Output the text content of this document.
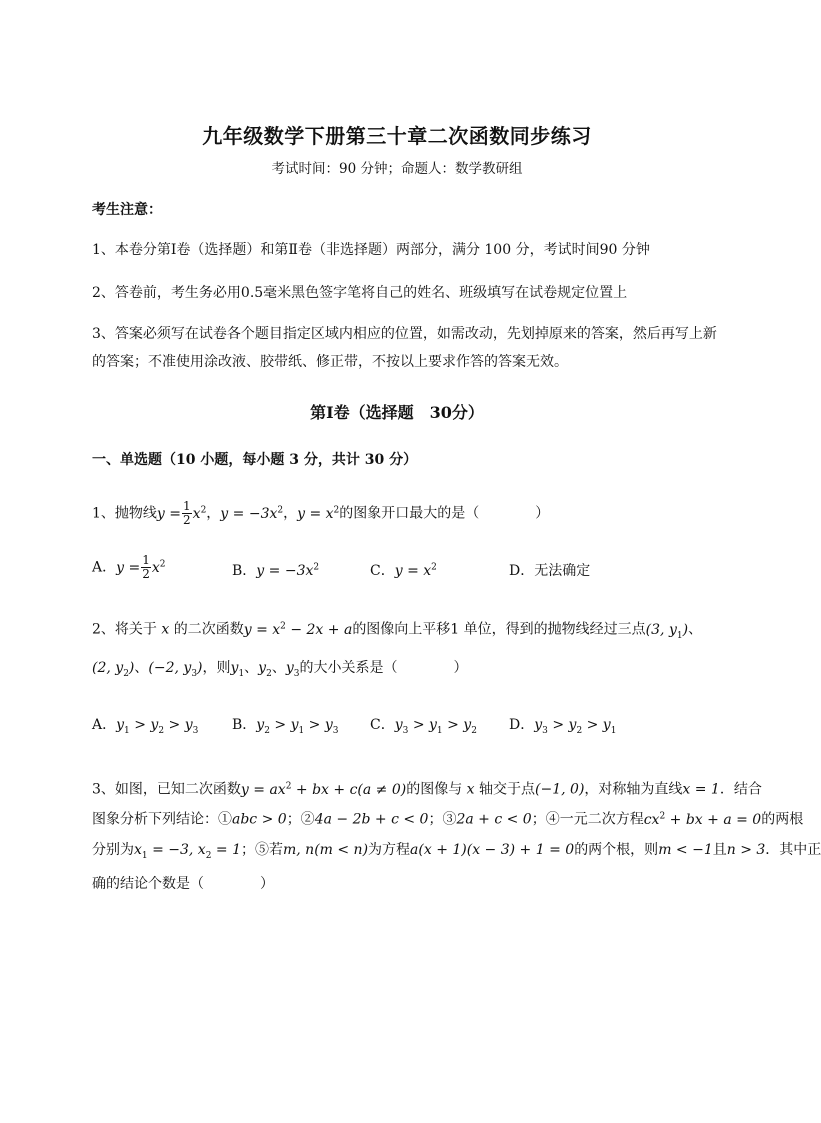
九年级数学下册第三十章二次函数同步练习
考试时间：90 分钟；命题人：数学教研组
考生注意：
1、本卷分第Ⅰ卷（选择题）和第Ⅱ卷（非选择题）两部分，满分 100 分，考试时间90 分钟
2、答卷前，考生务必用0.5毫米黑色签字笔将自己的姓名、班级填写在试卷规定位置上
3、答案必须写在试卷各个题目指定区域内相应的位置，如需改动，先划掉原来的答案，然后再写上新
的答案；不准使用涂改液、胶带纸、修正带，不按以上要求作答的答案无效。
第Ⅰ卷（选择题　30分）
一、单选题（10 小题，每小题 3 分，共计 30 分）
1、抛物线$y = \frac{1}{2} x^2$，$y = -3x^2$，$y = x^2$的图象开口最大的是（　　　　）
A．$y = \frac{1}{2} x^2$	B．$y = -3x^2$	C．$y = x^2$	D．无法确定
2、将关于 x 的二次函数$y = x^2 - 2x + a$的图像向上平移1 单位，得到的抛物线经过三点(3, $y_1$)、
(2, $y_2$)、(−2, $y_3$)，则$y_1$、$y_2$、$y_3$的大小关系是（　　　　）
A．$y_1 > y_2 > y_3$ B．$y_2 > y_1 > y_3$ C．$y_3 > y_1 > y_2$ D．$y_3 > y_2 > y_1$
3、如图，已知二次函数$y = ax^2$ + bx + c(a ≠ 0)的图像与 x 轴交于点(−1, 0)，对称轴为直线x = 1．结合
图象分析下列结论：①abc > 0；②4a − 2b + c < 0；③2a + c < 0；④一元二次方程$cx^2$ + bx + a = 0的两根
分别为$x_1 = -3$, $x_2 = 1$；⑤若m, n(m < n)为方程a(x + 1)(x − 3) + 1 = 0的两个根，则m < −1且n > 3．其中正
确的结论个数是（　　　　）
